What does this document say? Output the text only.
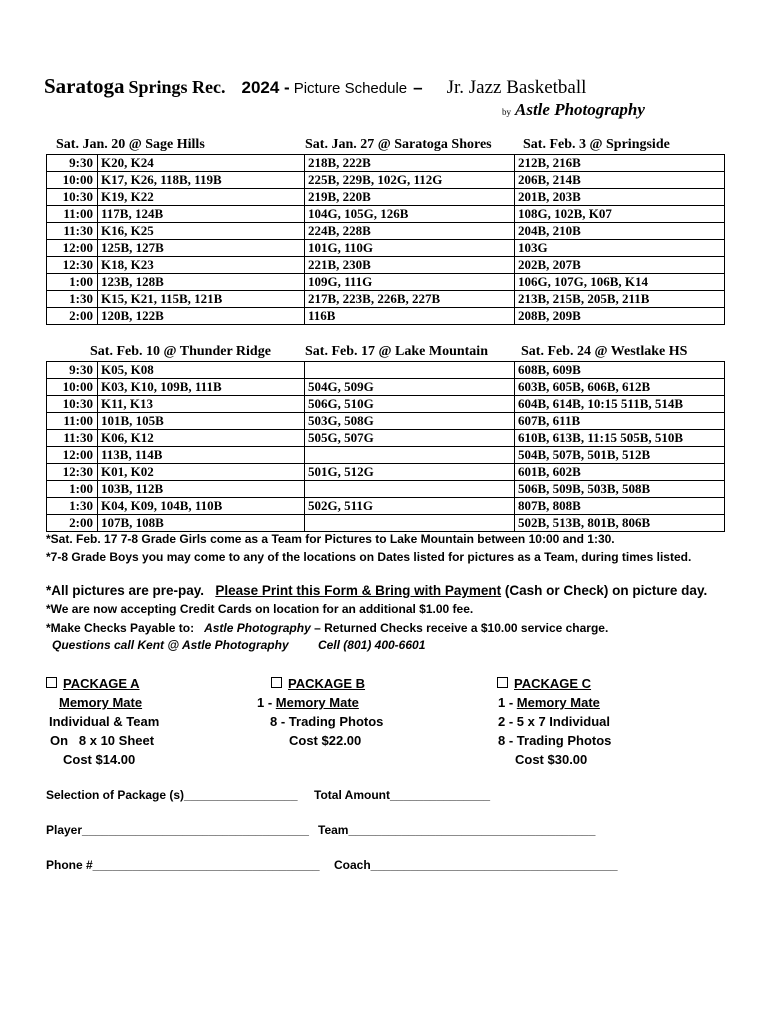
Saratoga Springs Rec. 2024 - Picture Schedule – Jr. Jazz Basketball
by Astle Photography
Sat. Jan. 20 @ Sage Hills	Sat. Jan. 27 @ Saratoga Shores Sat. Feb. 3 @ Springside
9:30	K20, K24	218B, 222B	212B, 216B
10:00	K17, K26, 118B, 119B	225B, 229B, 102G, 112G	206B, 214B
10:30	K19, K22	219B, 220B	201B, 203B
11:00	117B, 124B	104G, 105G, 126B	108G, 102B, K07
11:30	K16, K25	224B, 228B	204B, 210B
12:00	125B, 127B	101G, 110G	103G
12:30	K18, K23	221B, 230B	202B, 207B
1:00	123B, 128B	109G, 111G	106G, 107G, 106B, K14
1:30	K15, K21, 115B, 121B	217B, 223B, 226B, 227B	213B, 215B, 205B, 211B
2:00	120B, 122B	116B	208B, 209B
Sat. Feb. 10 @ Thunder Ridge Sat. Feb. 17 @ Lake Mountain Sat. Feb. 24 @ Westlake HS
9:30	K05, K08		608B, 609B
10:00	K03, K10, 109B, 111B	504G, 509G	603B, 605B, 606B, 612B
10:30	K11, K13	506G, 510G	604B, 614B, 10:15 511B, 514B
11:00	101B, 105B	503G, 508G	607B, 611B
11:30	K06, K12	505G, 507G	610B, 613B, 11:15 505B, 510B
12:00	113B, 114B		504B, 507B, 501B, 512B
12:30	K01, K02	501G, 512G	601B, 602B
1:00	103B, 112B		506B, 509B, 503B, 508B
1:30	K04, K09, 104B, 110B	502G, 511G	807B, 808B
2:00	107B, 108B		502B, 513B, 801B, 806B
*Sat. Feb. 17 7-8 Grade Girls come as a Team for Pictures to Lake Mountain between 10:00 and 1:30.
*7-8 Grade Boys you may come to any of the locations on Dates listed for pictures as a Team, during times listed.
*All pictures are pre-pay. Please Print this Form & Bring with Payment (Cash or Check) on picture day.
*We are now accepting Credit Cards on location for an additional $1.00 fee.
*Make Checks Payable to: Astle Photography – Returned Checks receive a $10.00 service charge.
Questions call Kent @ Astle Photography Cell (801) 400-6601
PACKAGE A
Memory Mate
Individual & Team
On   8 x 10 Sheet
Cost $14.00
PACKAGE B
1 - Memory Mate
8 - Trading Photos
Cost $22.00
PACKAGE C
1 - Memory Mate
2 - 5 x 7 Individual
8 - Trading Photos
Cost $30.00
Selection of Package (s)_________________ Total Amount_______________
Player__________________________________ Team_____________________________________
Phone #__________________________________ Coach_____________________________________
